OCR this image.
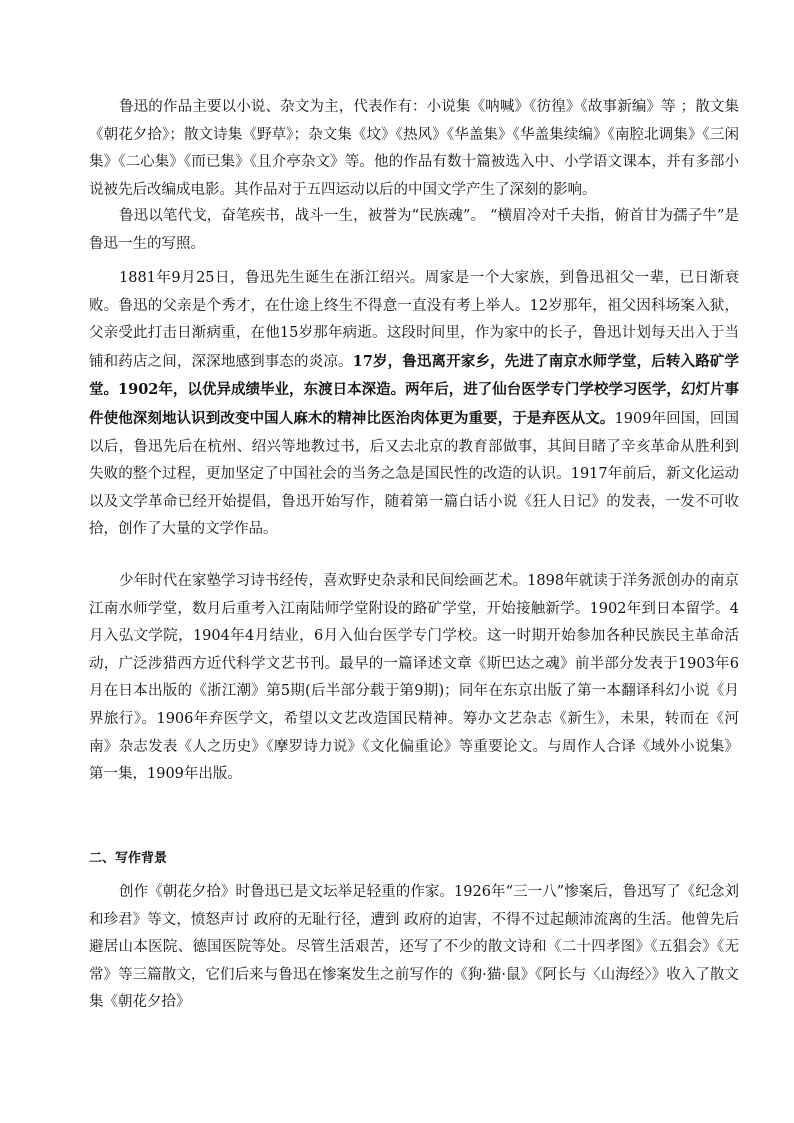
鲁迅的作品主要以小说、杂文为主，代表作有：小说集《呐喊》《彷徨》《故事新编》等 ；散文集《朝花夕拾》；散文诗集《野草》；杂文集《坟》《热风》《华盖集》《华盖集续编》《南腔北调集》《三闲集》《二心集》《而已集》《且介亭杂文》等。他的作品有数十篇被选入中、小学语文课本，并有多部小说被先后改编成电影。其作品对于五四运动以后的中国文学产生了深刻的影响。

鲁迅以笔代戈，奋笔疾书，战斗一生，被誉为“民族魂”。 “横眉冷对千夫指，俯首甘为孺子牛”是鲁迅一生的写照。

1881年9月25日，鲁迅先生诞生在浙江绍兴。周家是一个大家族，到鲁迅祖父一辈，已日渐衰败。鲁迅的父亲是个秀才，在仕途上终生不得意一直没有考上举人。12岁那年，祖父因科场案入狱，父亲受此打击日渐病重，在他15岁那年病逝。这段时间里，作为家中的长子，鲁迅计划每天出入于当铺和药店之间，深深地感到事态的炎凉。17岁，鲁迅离开家乡，先进了南京水师学堂，后转入路矿学堂。1902年，以优异成绩毕业，东渡日本深造。两年后，进了仙台医学专门学校学习医学，幻灯片事件使他深刻地认识到改变中国人麻木的精神比医治肉体更为重要，于是弃医从文。1909年回国，回国以后，鲁迅先后在杭州、绍兴等地教过书，后又去北京的教育部做事，其间目睹了辛亥革命从胜利到失败的整个过程，更加坚定了中国社会的当务之急是国民性的改造的认识。1917年前后，新文化运动以及文学革命已经开始提倡，鲁迅开始写作，随着第一篇白话小说《狂人日记》的发表，一发不可收拾，创作了大量的文学作品。

少年时代在家塾学习诗书经传，喜欢野史杂录和民间绘画艺术。1898年就读于洋务派创办的南京江南水师学堂，数月后重考入江南陆师学堂附设的路矿学堂，开始接触新学。1902年到日本留学。4月入弘文学院，1904年4月结业，6月入仙台医学专门学校。这一时期开始参加各种民族民主革命活动，广泛涉猎西方近代科学文艺书刊。最早的一篇译述文章《斯巴达之魂》前半部分发表于1903年6月在日本出版的《浙江潮》第5期(后半部分载于第9期)；同年在东京出版了第一本翻译科幻小说《月界旅行》。1906年弃医学文，希望以文艺改造国民精神。筹办文艺杂志《新生》，未果，转而在《河南》杂志发表《人之历史》《摩罗诗力说》《文化偏重论》等重要论文。与周作人合译《域外小说集》第一集，1909年出版。

二、写作背景

创作《朝花夕拾》时鲁迅已是文坛举足轻重的作家。1926年“三一八”惨案后，鲁迅写了《纪念刘和珍君》等文，愤怒声讨 政府的无耻行径，遭到 政府的迫害，不得不过起颠沛流离的生活。他曾先后避居山本医院、德国医院等处。尽管生活艰苦，还写了不少的散文诗和《二十四孝图》《五猖会》《无常》等三篇散文，它们后来与鲁迅在惨案发生之前写作的《狗·猫·鼠》《阿长与〈山海经〉》收入了散文集《朝花夕拾》
